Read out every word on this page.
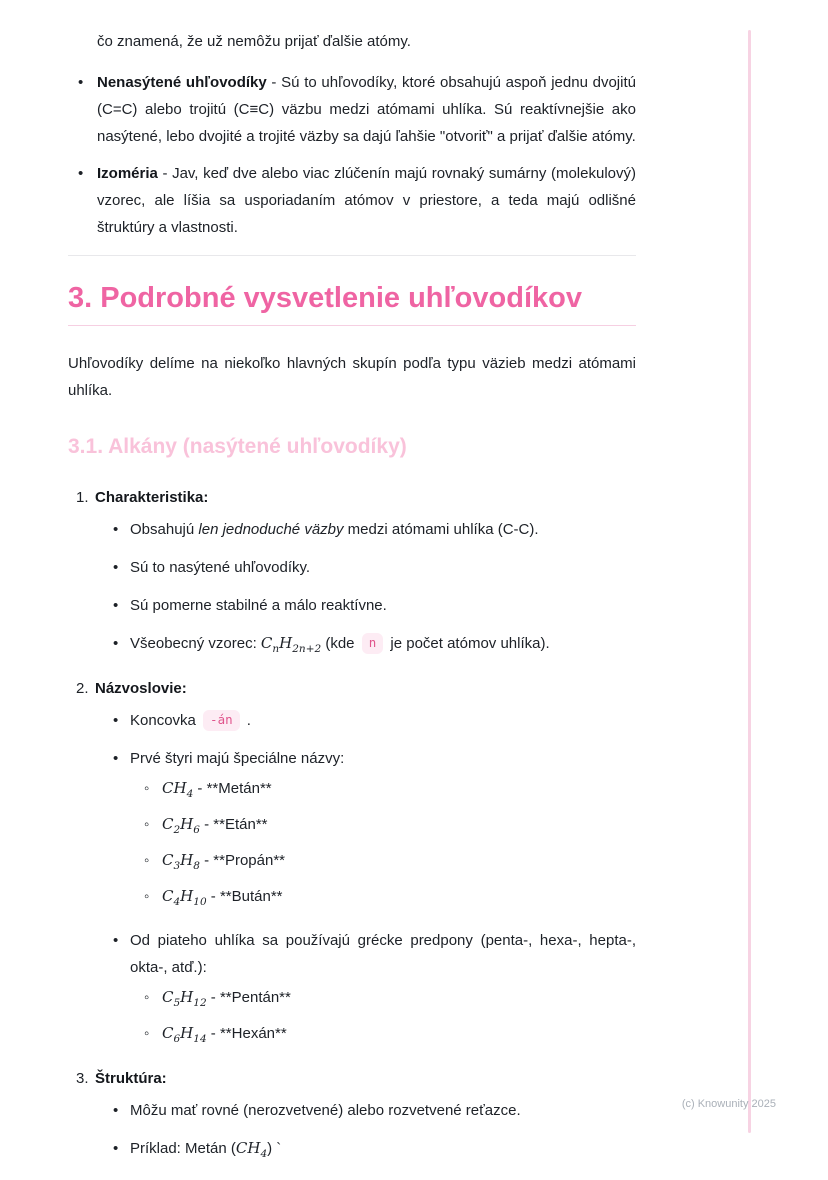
čo znamená, že už nemôžu prijať ďalšie atómy.

• Nenasýtené uhľovodíky - Sú to uhľovodíky, ktoré obsahujú aspoň jednu dvojitú (C=C) alebo trojitú (C≡C) väzbu medzi atómami uhlíka. Sú reaktívnejšie ako nasýtené, lebo dvojité a trojité väzby sa dajú ľahšie "otvoriť" a prijať ďalšie atómy.
• Izoméria - Jav, keď dve alebo viac zlúčenín majú rovnaký sumárny (molekulový) vzorec, ale líšia sa usporiadaním atómov v priestore, a teda majú odlišné štruktúry a vlastnosti.
3. Podrobné vysvetlenie uhľovodíkov

Uhľovodíky delíme na niekoľko hlavných skupín podľa typu väzieb medzi atómami uhlíka.

3.1. Alkány (nasýtené uhľovodíky)
1. Charakteristika:
• Obsahujú len jednoduché väzby medzi atómami uhlíka (C-C).
• Sú to nasýtené uhľovodíky.
• Sú pomerne stabilné a málo reaktívne.
• Všeobecný vzorec: $C_nH_{2n+2}$ (kde n je počet atómov uhlíka).
2. Názvoslovie:
• Koncovka -án .
• Prvé štyri majú špeciálne názvy:
◦ $CH_4$ - **Metán**
◦ $C_2H_6$ - **Etán**
◦ $C_3H_8$ - **Propán**
◦ $C_4H_{10}$ - **Bután**
• Od piateho uhlíka sa používajú grécke predpony (penta-, hexa-, hepta-, okta-, atď.):
◦ $C_5H_{12}$ - **Pentán**
◦ $C_6H_{14}$ - **Hexán**
3. Štruktúra:
• Môžu mať rovné (nerozvetvené) alebo rozvetvené reťazce.
• Príklad: Metán $(CH_4)$ `
(c) Knowunity 2025
